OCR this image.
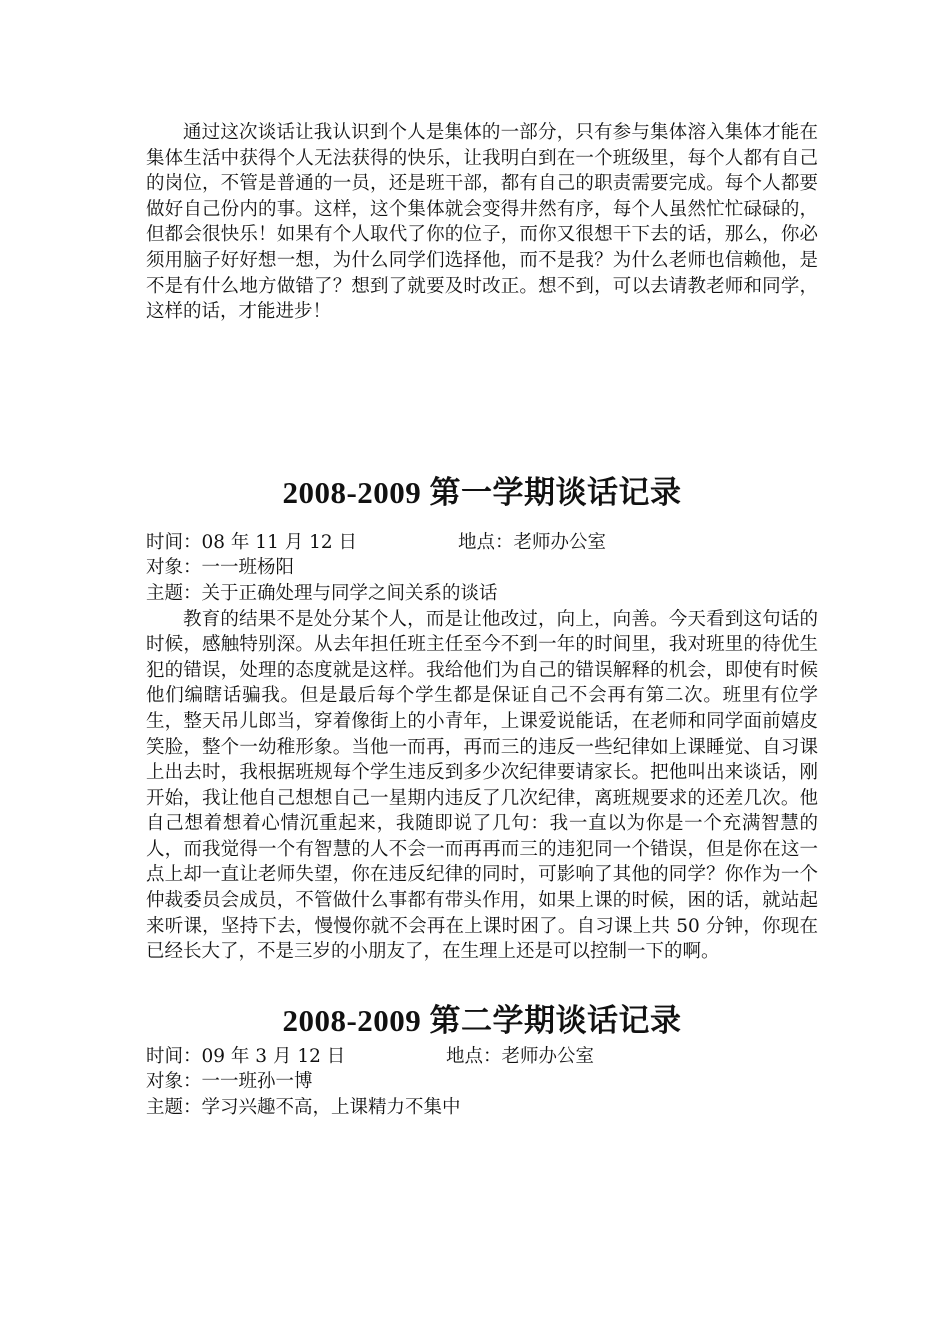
通过这次谈话让我认识到个人是集体的一部分，只有参与集体溶入集体才能在集体生活中获得个人无法获得的快乐，让我明白到在一个班级里，每个人都有自己的岗位，不管是普通的一员，还是班干部，都有自己的职责需要完成。每个人都要做好自己份内的事。这样，这个集体就会变得井然有序，每个人虽然忙忙碌碌的，但都会很快乐！如果有个人取代了你的位子，而你又很想干下去的话，那么，你必须用脑子好好想一想，为什么同学们选择他，而不是我？为什么老师也信赖他，是不是有什么地方做错了？想到了就要及时改正。想不到，可以去请教老师和同学，这样的话，才能进步！

2008-2009 第一学期谈话记录

时间：08 年 11 月 12 日	地点：老师办公室

对象：一一班杨阳

主题：关于正确处理与同学之间关系的谈话

教育的结果不是处分某个人，而是让他改过，向上，向善。今天看到这句话的时候，感触特别深。从去年担任班主任至今不到一年的时间里，我对班里的待优生犯的错误，处理的态度就是这样。我给他们为自己的错误解释的机会，即使有时候他们编瞎话骗我。但是最后每个学生都是保证自己不会再有第二次。班里有位学生，整天吊儿郎当，穿着像街上的小青年，上课爱说能话，在老师和同学面前嬉皮笑脸，整个一幼稚形象。当他一而再，再而三的违反一些纪律如上课睡觉、自习课上出去时，我根据班规每个学生违反到多少次纪律要请家长。把他叫出来谈话，刚开始，我让他自己想想自己一星期内违反了几次纪律，离班规要求的还差几次。他自己想着想着心情沉重起来，我随即说了几句：我一直以为你是一个充满智慧的人，而我觉得一个有智慧的人不会一而再再而三的违犯同一个错误，但是你在这一点上却一直让老师失望，你在违反纪律的同时，可影响了其他的同学？你作为一个仲裁委员会成员，不管做什么事都有带头作用，如果上课的时候，困的话，就站起来听课，坚持下去，慢慢你就不会再在上课时困了。自习课上共 50 分钟，你现在已经长大了，不是三岁的小朋友了，在生理上还是可以控制一下的啊。

2008-2009 第二学期谈话记录

时间：09 年 3 月 12 日	地点：老师办公室

对象：一一班孙一博

主题：学习兴趣不高，上课精力不集中
